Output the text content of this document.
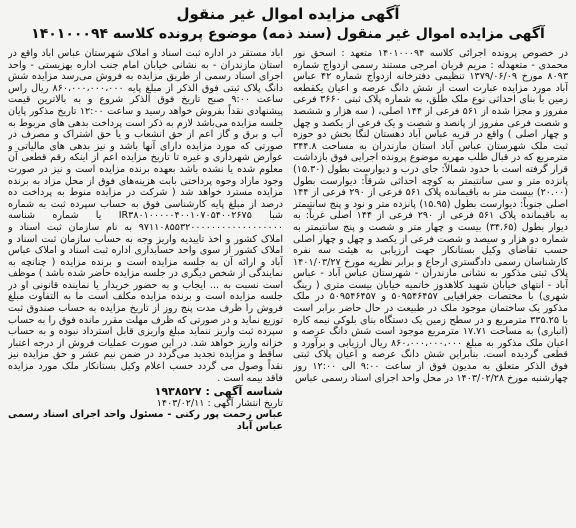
آگهی مزایده اموال غیر منقول
آگهی مزایده اموال غیر منقول (سند ذمه) موضوع پرونده کلاسه ۱۴۰۱۰۰۰۹۴

در خصوص پرونده اجرائی کلاسه ۱۴۰۱۰۰۰۹۴ متعهد : اسحق نور محمدی - متعهدله : مریم قربان امرجی مستند رسمی ازدواج شماره ۸۰۹۳ مورخ ۱۳۷۹/۰۶/۰۹ تنظیمی دفترخانه ازدواج شماره ۴۲ عباس آباد مورد مزایده عبارت است از شش دانگ عرصه و اعیان یکقطعه زمین با بنای احداثی نوع ملک طلق، به شماره پلاک ثبتی ۳۶۶۰ فرعی مفروز و مجزا شده از ۵۶۱ فرعی از ۱۴۴ اصلی، ( سه هزار و ششصد و شصت فرعی مفروز از پانصد و شصت و یک فرعی از یکصد و چهل و چهار اصلی ) واقع در قریه عباس آباد دهستان لنگا بخش دو حوزه ثبت ملک شهرستان عباس آباد استان مازندران به مساحت ۳۴۴.۸ مترمربع که در قبال طلب مهریه موضوع پرونده اجرایی فوق بازداشت قرار گرفته است با حدود شمالاً: جای درب و دیوارست بطول (۱۵.۳۰) پانزده متر و سی سانتیمتر به کوچه احداثی شرقاً: دیوارست بطول (۲۰.۰۰) بیست متر به باقیمانده پلاک ۵۶۱ فرعی از ۲۹۰ فرعی از ۱۴۴ اصلی جنوباً: دیوارست بطول (۱۵.۹۵) پانزده متر و نود و پنج سانتیمتر به باقیمانده پلاک ۵۶۱ فرعی از ۲۹۰ فرعی از ۱۴۴ اصلی غرباً: به دیوار بطول (۳۴.۶۵) بیست و چهار متر و شصت و پنج سانتیمتر به شماره دو هزار و سیصد و شصت فرعی از یکصد و چهل و چهار اصلی حسب تقاضای وکیل بستانکار جهت ارزیابی به هیئت سه نفره کارشناسان رسمی دادگستری ارجاع و برابر نظریه مورخ ۱۴۰۱/۰۳/۲۷ پلاک ثبتی مذکور به نشانی مازندران - شهرستان عباس آباد - عباس آباد - انتهای خیابان شهید کلاهدوز خاتمیه خیابان بیست متری ( رینگ شهری) با مختصات جغرافیایی ۵۰۹۵۴۶۴۵۷ و ۵۰۹۵۴۶۴۵۷ در ملک مذکور یک ساختمان موجود ملک در طبیعت در حال حاضر برابر است با ۳۳۵.۲۵ مترمربع و در سطح زمین یک دستگاه بنای بلوکی نیمه کاره (انباری) به مساحت ۱۷.۷۱ مترمربع موجود است شش دانگ عرصه و اعیان ملک مذکور به مبلغ ۸۶۰،۰۰۰،۰۰۰،۰۰۰ ریال ارزیابی و برآورد و قطعی گردیده است. بنابراین شش دانگ عرصه و اعیان پلاک ثبتی فوق الذکر متعلق به مدیون فوق از ساعت ۹:۰۰ الی ۱۲:۰۰ روز چهارشنبه مورخ ۱۴۰۳/۰۲/۲۸ در محل واحد اجرای اسناد رسمی عباس

آباد مستقر در اداره ثبت اسناد و املاک شهرستان عباس آباد واقع در استان مازندران - به نشانی خیابان امام جنب اداره بهزیستی - واحد اجرای اسناد رسمی از طریق مزایده به فروش می‌رسد مزایده شش دانگ پلاک ثبتی فوق الذکر از مبلغ پایه ۸۶۰،۰۰۰،۰۰۰،۰۰۰ ریال راس ساعت ۹:۰۰ صبح تاریخ فوق الذکر شروع و به بالاترین قیمت پیشنهادی نقداً بفروش خواهد رسید و ساعت ۱۲:۰۰ تاریخ مذکور پایان جلسه مزایده می‌باشد لازم به ذکر است پرداخت بدهی های مربوط به آب و برق و گاز اعم از حق انشعاب و یا حق اشتراک و مصرف در صورتی که مورد مزایده دارای آنها باشد و نیز بدهی های مالیاتی و عوارض شهرداری و غیره تا تاریخ مزایده اعم از اینکه رقم قطعی آن معلوم شده یا نشده باشد بعهده برنده مزایده است و نیز در صورت وجود مازاد وجوه پرداختی بابت هزینه‌های فوق از محل مزاد به برنده مزایده مسترد خواهد شد ( شرکت در مزایده منوط به پرداخت ده درصد از مبلغ پایه کارشناسی فوق به حساب سپرده ثبت به شماره شبا IR۳۸۰۱۰۰۰۰۰۴۰۰۱۰۷۰۵۴۰۰۲۶۷۵ یا شماره شناسه ۹۷۱۱۰۸۵۵۳۲۰۰۰۰۰۰۰۰۰۰۰۰۰۰۰۰۰۰ به نام سازمان ثبت اسناد و املاک کشور و اخذ تاییدیه واریز وجه به حساب سازمان ثبت اسناد و املاک کشور از سوی واحد حسابداری اداره ثبت اسناد و املاک عباس آباد و ارائه آن به جلسه مزایده است و برنده مزایده ( چنانچه به نمایندگی از شخص دیگری در جلسه مزایده حاضر شده باشد ) موظف است نسبت به ... ایجاب و به حضور خریدار یا نماینده قانونی او در جلسه مزایده است و برنده مزایده مکلف است ما به التفاوت مبلغ فروش را ظرف مدت پنج روز از تاریخ مزایده به حساب صندوق ثبت توزیع نماید و در صورتی که ظرف مهلت مقرر مانده فوق را به حساب سپرده ثبت واریز ننماید مبلغ واریزی قابل استرداد نبوده و به حساب خزانه واریز خواهد شد. در این صورت عملیات فروش از درجه اعتبار ساقط و مزایده تجدید می‌گردد در ضمن نیم عشر و حق مزایده نیز نقداً وصول می گردد حسب اعلام وکیل بستانکار ملک مورد مزایده فاقد بیمه است .

شناسه آگهی : ۱۹۳۸۵۲۷

تاریخ انتشار آگهی : ۱۴۰۳/۰۲/۱۱

عباس رحمت پور رکنی - مسئول واحد اجرای اسناد رسمی عباس آباد
